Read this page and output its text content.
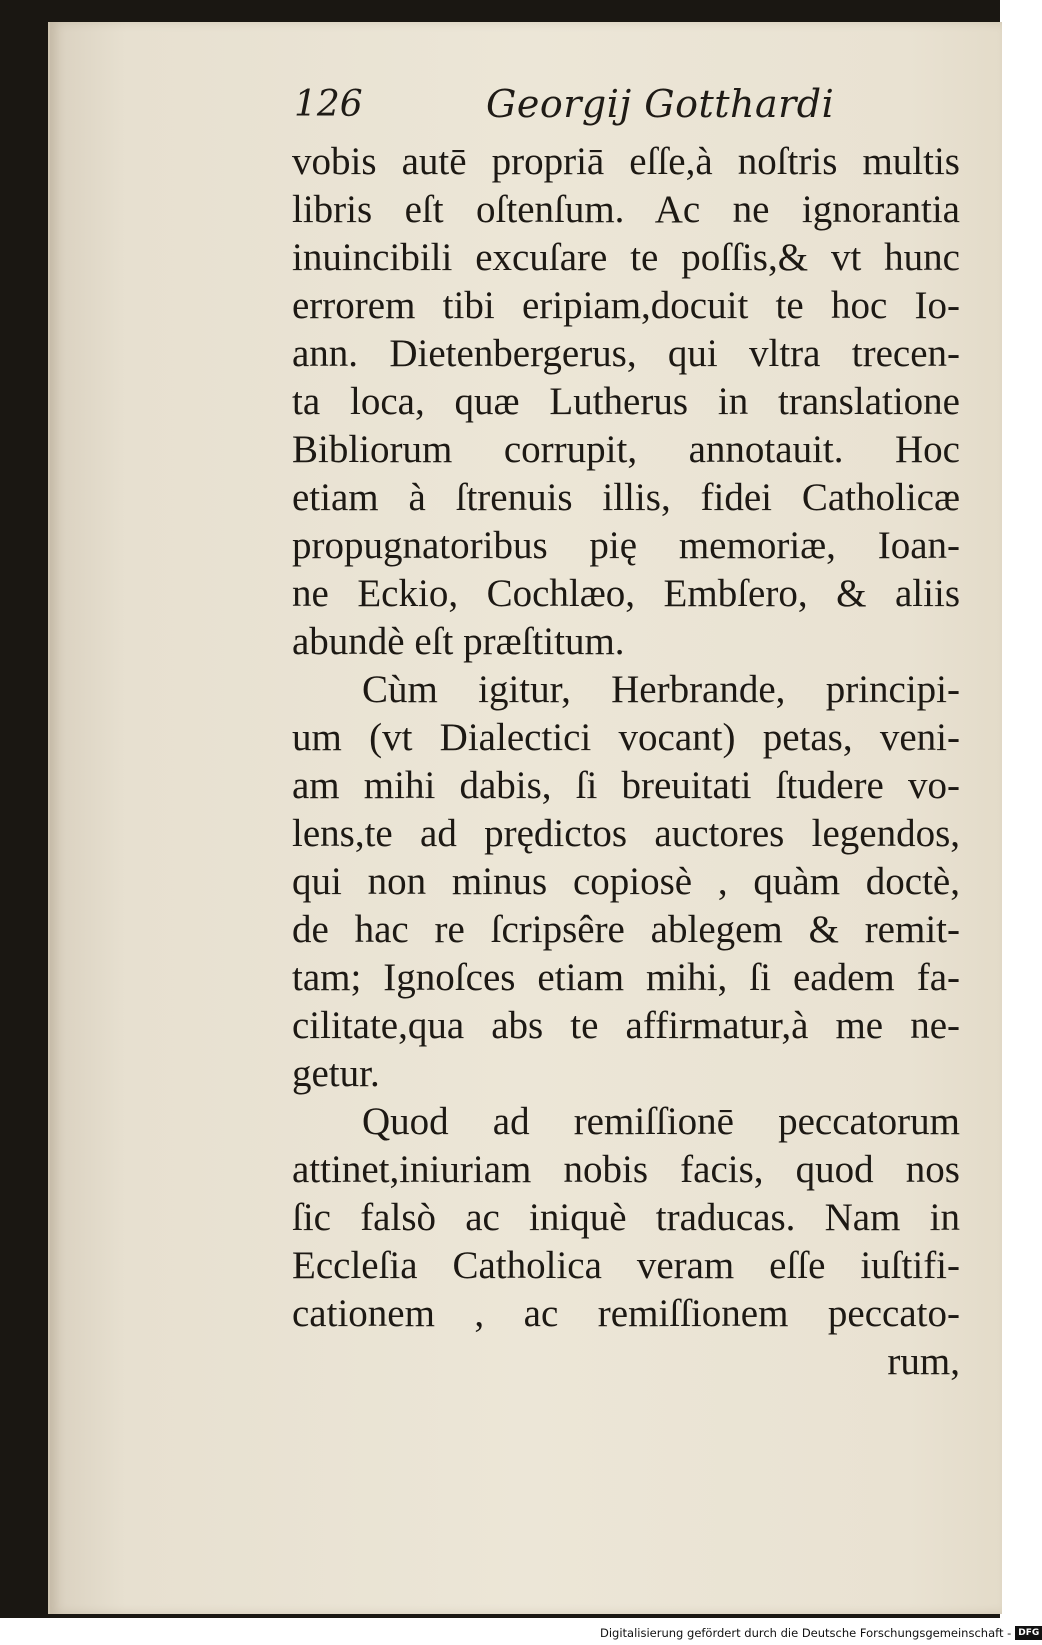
126	Georgij Gotthardi
vobis autē propriā eſſe,à noſtris multis
libris eſt oſtenſum. Ac ne ignorantia
inuincibili excuſare te poſſis,& vt hunc
errorem tibi eripiam,docuit te hoc Io-
ann. Dietenbergerus, qui vltra trecen-
ta loca, quæ Lutherus in translatione
Bibliorum corrupit, annotauit. Hoc
etiam à ſtrenuis illis, fidei Catholicæ
propugnatoribus pię memoriæ, Ioan-
ne Eckio, Cochlæo, Embſero, & aliis
abundè eſt præſtitum.
Cùm igitur, Herbrande, principi-
um (vt Dialectici vocant) petas, veni-
am mihi dabis, ſi breuitati ſtudere vo-
lens,te ad prędictos auctores legendos,
qui non minus copiosè , quàm doctè,
de hac re ſcripsêre ablegem & remit-
tam; Ignoſces etiam mihi, ſi eadem fa-
cilitate,qua abs te affirmatur,à me ne-
getur.
Quod ad remiſſionē peccatorum
attinet,iniuriam nobis facis, quod nos
ſic falsò ac iniquè traducas. Nam in
Eccleſia Catholica veram eſſe iuſtifi-
cationem , ac remiſſionem peccato-
rum,
Digitalisierung gefördert durch die Deutsche Forschungsgemeinschaft - DFG
